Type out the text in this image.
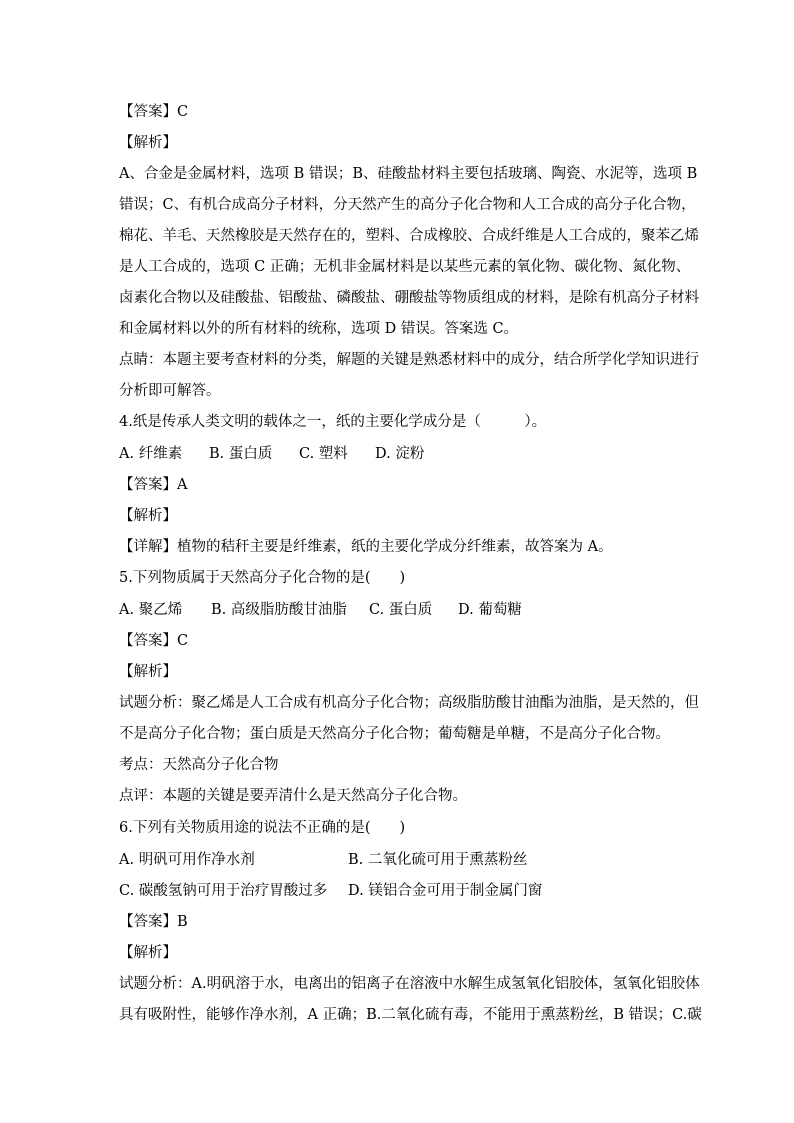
【答案】C
【解析】
A、合金是金属材料，选项 B 错误；B、硅酸盐材料主要包括玻璃、陶瓷、水泥等，选项 B
错误；C、有机合成高分子材料，分天然产生的高分子化合物和人工合成的高分子化合物，
棉花、羊毛、天然橡胶是天然存在的，塑料、合成橡胶、合成纤维是人工合成的，聚苯乙烯
是人工合成的，选项 C 正确；无机非金属材料是以某些元素的氧化物、碳化物、氮化物、
卤素化合物以及硅酸盐、铝酸盐、磷酸盐、硼酸盐等物质组成的材料，是除有机高分子材料
和金属材料以外的所有材料的统称，选项 D 错误。答案选 C。
点睛：本题主要考查材料的分类，解题的关键是熟悉材料中的成分，结合所学化学知识进行
分析即可解答。
4.纸是传承人类文明的载体之一，纸的主要化学成分是（　　　）。
A. 纤维素 B. 蛋白质 C. 塑料 D. 淀粉
【答案】A
【解析】
【详解】植物的秸秆主要是纤维素，纸的主要化学成分纤维素，故答案为 A。
5.下列物质属于天然高分子化合物的是(　　)
A. 聚乙烯 B. 高级脂肪酸甘油脂 C. 蛋白质 D. 葡萄糖
【答案】C
【解析】
试题分析：聚乙烯是人工合成有机高分子化合物；高级脂肪酸甘油酯为油脂，是天然的，但
不是高分子化合物；蛋白质是天然高分子化合物；葡萄糖是单糖，不是高分子化合物。
考点：天然高分子化合物
点评：本题的关键是要弄清什么是天然高分子化合物。
6.下列有关物质用途的说法不正确的是(　　)
A. 明矾可用作净水剂	B. 二氧化硫可用于熏蒸粉丝
C. 碳酸氢钠可用于治疗胃酸过多 D. 镁铝合金可用于制金属门窗
【答案】B
【解析】
试题分析：A.明矾溶于水，电离出的铝离子在溶液中水解生成氢氧化铝胶体，氢氧化铝胶体
具有吸附性，能够作净水剂，A 正确；B.二氧化硫有毒，不能用于熏蒸粉丝，B 错误；C.碳
